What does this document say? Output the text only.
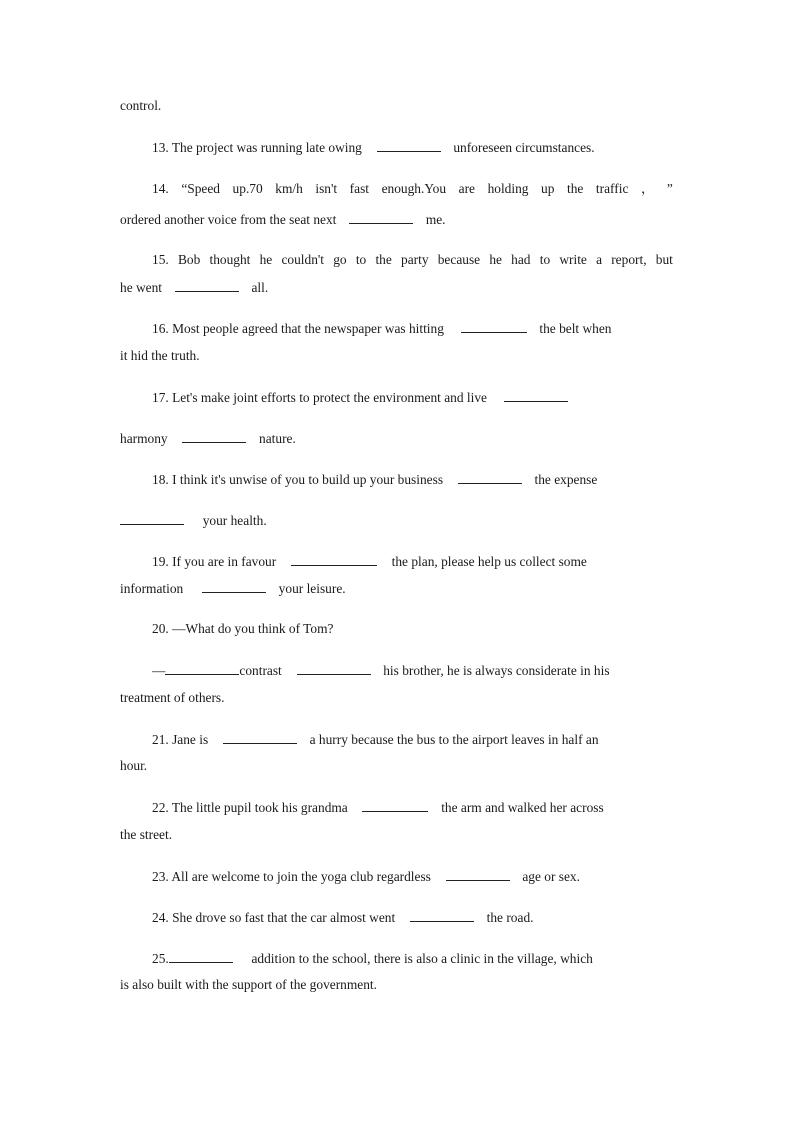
control.
13. The project was running late owing	unforeseen circumstances.
14. “Speed up.70 km/h isn't fast enough.You are holding up the traffic ， ”
ordered another voice from the seat next	me.
15. Bob thought he couldn't go to the party because he had to write a report, but
he went	all.
16. Most people agreed that the newspaper was hitting	the belt when
it hid the truth.
17. Let's make joint efforts to protect the environment and live
harmony	nature.
18. I think it's unwise of you to build up your business	the expense
your health.
19. If you are in favour	the plan, please help us collect some
information	your leisure.
20. —What do you think of Tom?
—	contrast	his brother, he is always considerate in his
treatment of others.
21. Jane is	a hurry because the bus to the airport leaves in half an
hour.
22. The little pupil took his grandma	the arm and walked her across
the street.
23. All are welcome to join the yoga club regardless	age or sex.
24. She drove so fast that the car almost went	the road.
25.	addition to the school, there is also a clinic in the village, which
is also built with the support of the government.
